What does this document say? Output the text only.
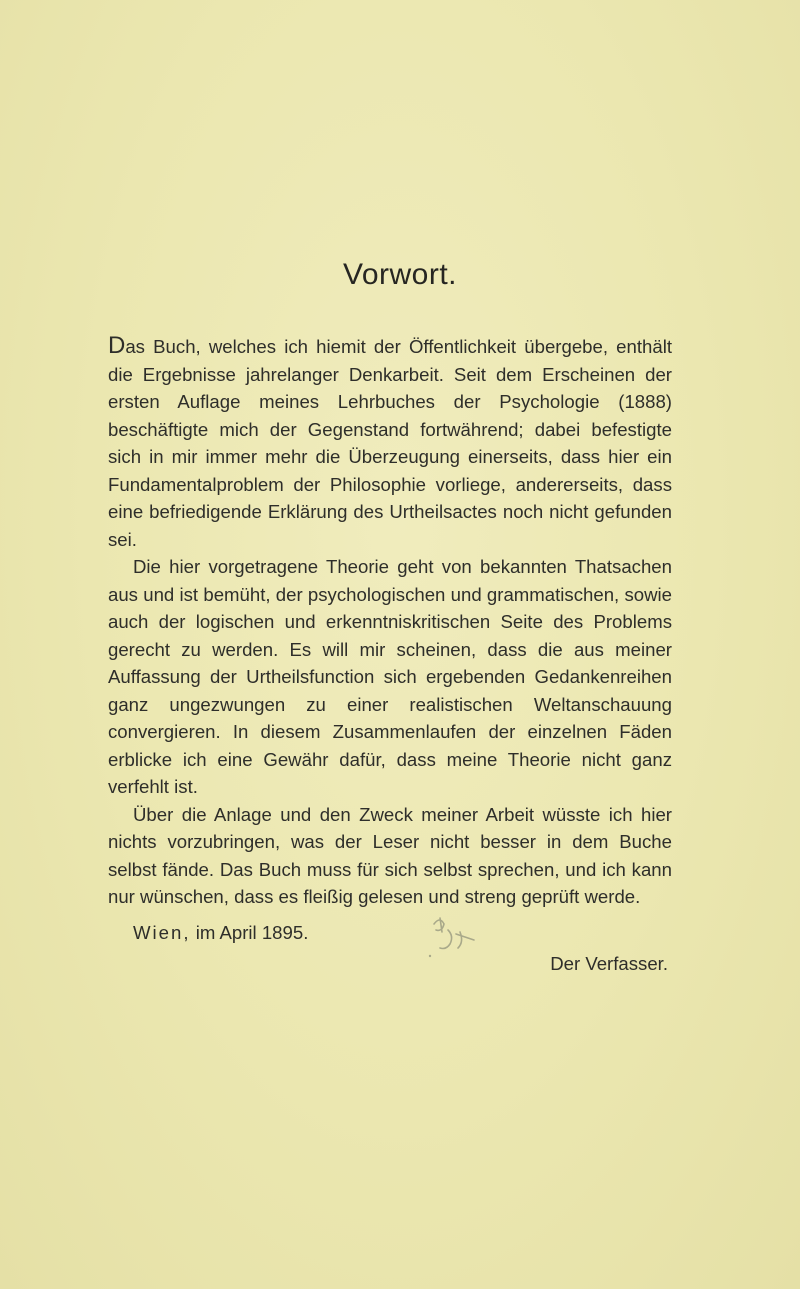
Vorwort.

Das Buch, welches ich hiemit der Öffentlichkeit übergebe, enthält die Ergebnisse jahrelanger Denkarbeit. Seit dem Erscheinen der ersten Auflage meines Lehrbuches der Psychologie (1888) beschäftigte mich der Gegenstand fortwährend; dabei befestigte sich in mir immer mehr die Überzeugung einerseits, dass hier ein Fundamentalproblem der Philosophie vorliege, andererseits, dass eine befriedigende Erklärung des Urtheilsactes noch nicht gefunden sei.

Die hier vorgetragene Theorie geht von bekannten Thatsachen aus und ist bemüht, der psychologischen und grammatischen, sowie auch der logischen und erkenntniskritischen Seite des Problems gerecht zu werden. Es will mir scheinen, dass die aus meiner Auffassung der Urtheilsfunction sich ergebenden Gedankenreihen ganz ungezwungen zu einer realistischen Weltanschauung convergieren. In diesem Zusammenlaufen der einzelnen Fäden erblicke ich eine Gewähr dafür, dass meine Theorie nicht ganz verfehlt ist.

Über die Anlage und den Zweck meiner Arbeit wüsste ich hier nichts vorzubringen, was der Leser nicht besser in dem Buche selbst fände. Das Buch muss für sich selbst sprechen, und ich kann nur wünschen, dass es fleißig gelesen und streng geprüft werde.

Wien, im April 1895.

Der Verfasser.
